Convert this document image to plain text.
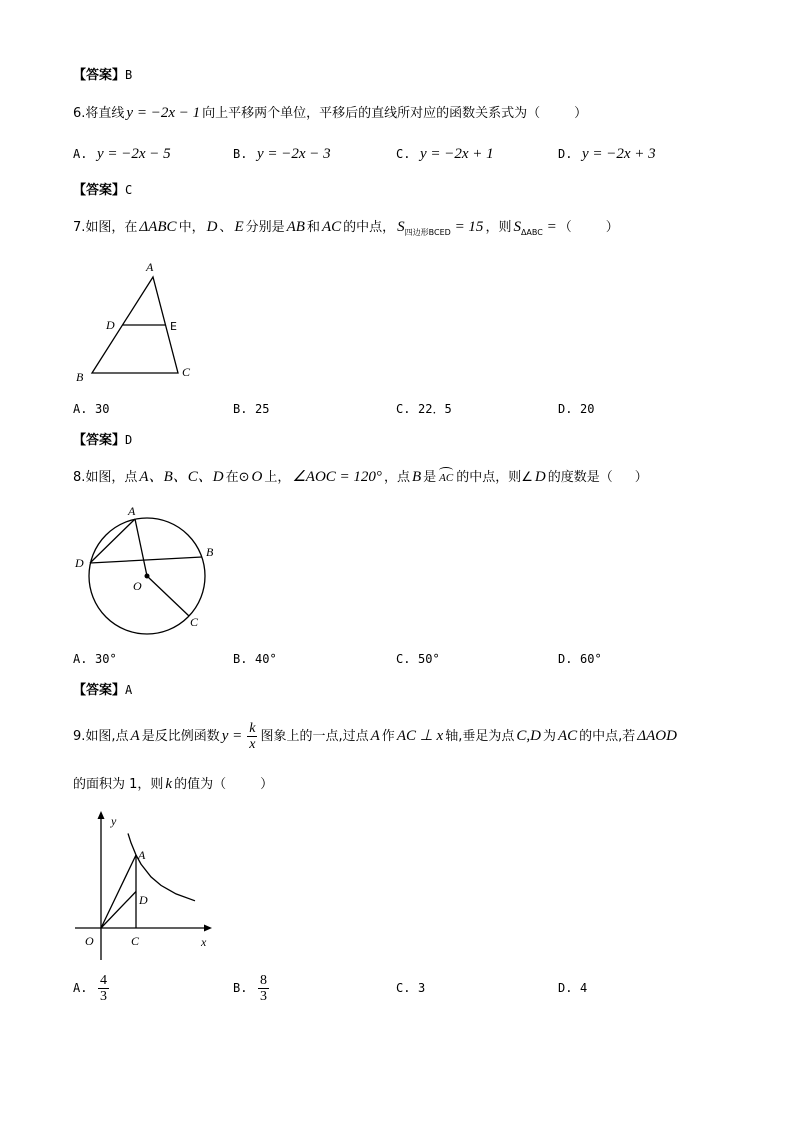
【答案】B
6.将直线 y = −2x − 1 向上平移两个单位，平移后的直线所对应的函数关系式为（	）
A. y = −2x − 5	B. y = −2x − 3	C. y = −2x + 1	D. y = −2x + 3
【答案】C
7.如图，在 ΔABC 中， D 、 E 分别是 AB 和 AC 的中点， $S_{四边形BCED} = 15$ ，则 $S_{\Delta ABC}$ = （	）
A
D	E
B	C
A. 30	B. 25	C. 22．5	D. 20
【答案】D
8.如图，点 A、B、C、D 在⊙ O 上， ∠AOC = 120° ，点 B 是 AC 的中点，则∠ D 的度数是（ ）
A
B
D
O
C
A. 30°	B. 40°	C. 50°	D. 60°
【答案】A
9.如图,点 A 是反比例函数 $y = \frac{k}{x}$ 图象上的一点,过点 A 作 AC ⊥ x 轴,垂足为点 C,D 为 AC 的中点,若 ΔAOD
的面积为 1，则 k 的值为（	）
y
x
O
A
D
C
A. $\frac{4}{3}$	B. $\frac{8}{3}$	C. 3	D. 4
